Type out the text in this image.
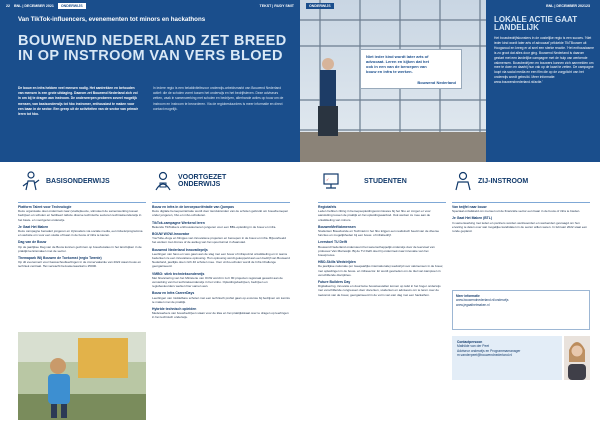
22 BNL | DECEMBER 2021	ONDERWIJS	TEKST | RUDY SMIT
Van TikTok-influencers, evenementen tot minors en hackathons
BOUWEND NEDERLAND ZET BREED IN OP INSTROOM VAN VERS BLOED
De bouw en infra hebben veel mensen nodig. Het aantrekken en behouden van mensen is een grote uitdaging. Daarom zet Bouwend Nederland zich vol in om bij te dragen aan instroom. De onderwerpen proberen zoveel mogelijk mensen, van basisonderwijs tot hbo instromer, enthousiast te maken voor een baan in de sector. Een greep uit de activiteiten van de sector van primair leren tot hbo.
In iedere regio is een belaktiviteitsvoor onderwijs-arbeidsmarkt van Bouwend Nederland actief: die de scholen vormt tussen het onderwijs en het bedrijfsleven. Deze adviseurs zetten, vaak in samenwerking met scholen en bedrijven, allerhande acties op touw om de instroom en instroom te bevorderen. Via de regiobestuurders is meer informatie en direct contact mogelijk.
BASISONDERWIJS
Platform Talent voor Technologie
Deze organisatie doet onderzoek naar (studie)keuze, stimuleert de samenwerking tussen bedrijven en scholen en faciliteert talloze diverse technische sectoren technieksonderwijs in het basis- en voortgezet onderwijs.
Je Gaat Het Maken
Deze campagne benadert jongeren en zijn/ouders via sociale media, een tickets/programma en website om voor een studie of baan in de bouw of infra te kiezen.
Dag van de Bouw
Op de jaarlijkse Dag van de Bouw kunnen gezinnen op bouwlocaties in het land kijken in de praktijk kennismaken met de sector.
Themapark Wij Bouwen de Toekomst (regio Twente)
Op dit evenement voor basisschoolleerlingen in de zomervakantie van 2022 staan bouw en techniek centraal. Het verwacht bezoekersaantal is 25000.
VOORTGEZET ONDERWIJS
Bouw en infra in de beroepsoriëntatie van Qompas
Deze digitale beroepsoriëntatie wordt door tienduizenden van de scholen gebruikt om bouwberoepen onder jongeren, hbo en mbo-scholieren.
TikTok-campagne Werkend leren
Bekende TikTokkers enthousiasmeren jongeren voor een BBL-opleiding in de bouw en infra.
BOUW WOW-Innovator
YouTube-vlogs en filmpjes van innovatieve projecten en beroepen in de bouw en infra. Bijvoorbeeld het werken met drones of de aanleg van het spoortunnel in Zaanstad.
Bouwend Nederland Innovatieprijs
Leerlingen van havo en vwo gaan aan de slag met een bouw of infrapuzzel ontwikkeling en in teams bedenken ze een innovatieve oplossing. Hun oplossing wordt gekoppeld aan een bedrijf van Bouwend Nederland, jaarlijks doen zich 40 scholen mee. Voor vmbo-scholen wordt de Infra Challenge georganiseerd.
VMBO: stiek technieksonderwijs
Met financiering van het Ministerie van OCW wordt in zo'n 80 projecten regionaal gewerkt aan de versterking van het technieksonderwijs in het vmbo. Opleidingsbedrijven, bedrijven en regiobestuurders werken hier samen aan.
Bouw en Infra CareerDays
Leerlingen van middelbare scholen met een technisch profiel gaan op excursie bij bedrijven om kennis te maken met de praktijk.
Hybride technisch opleiden
Medewerkers van bouwbedrijven staan voor de klas en het praktijklokaal over te dragen op leerlingen in het technisch onderwijs.
Niet ieder kind wordt later arts of advocaat. Leren en kijken dat het ook in een van de beroepen van bouw en infra te werken.
Bouwend Nederland
ONDERWIJS	BNL | DECEMBER 2021 23
LOKALE ACTIE GAAT LANDELIJK
Het bouwbedrijfskunsters in de oostelijke regio is een succes. 'Niet ieder kind wordt later arts of advocaat' prikkelde TikTBouwer uit Hoogwoud en kreeg er al snel een sterke reactie. 'Het enthousiasme is zo groot dat alles door ging. Bouwend Nederland is daarom gestart met een landelijke campagne met de hulp van werkende vakmensen. Bouwbedrijven en bouwers kunnen zich aanmelden om mee te doen en daarbij hun vak op de kaart te zetten. De campagne loopt via social media en een film die op de zorgplicht van het onderwijs wordt gebruikt. Meer informatie: www.bouwendnederland.nl/actie.'
✓	STUDENTEN
Regiotafels
Leden hebben zitting in beroepsopleidingscommissies bij het hbo en zorgen er voor aansluiting tussen de praktijk en het opleidingsaanbod. Ook werken ze mee aan de ontwikkeling van minors.
BouwenMetVakmensen
Studenten Bouwkunde en Techniek in het hbo krijgen een realistisch beeld van de diverse functies en mogelijkheden bij een bouw- of infrabedrijf.
Leerstoel TU Delft
Bouwend Nederland ondersteunt het wetenschappelijk onderwijs door de leerstoel van professor Van Marrewijk. Bij de TU Delft doet hij onderzoek naar innovatie van het bouwproces.
HBO-Skills Wedstrijden
De jaarlijkse nationale (en tweejaarlijks internationale) wedstrijd voor vakmensen in de bouw, met opleidingen in de bouw- en infrasector. Er wordt gestreden om de titel van kampioen in verschillende disciplines.
Future Builders Day
Digitalisering, innovatie en duurzame bouwtoestellen komen op tafel in het hoger onderwijs met verschillende congressen door docenten, studenten en adviseurs om te leren over de toekomst van de bouw, georganiseerd in de vorm van één dag met een hackathon.
ZIJ-INSTROOM
Van twijfel naar bouw
Speciaal ontwikkeld om mensen uit de financiële sector een baan in de bouw of infra te bieden.
Je Gaat Het Maken (BTL)
In samenwerking met leden en partners worden werkwoorden en werkenden gevraagd om hun ervaring te delen over wat mogelijke kandidaten in de sector willen weten. In februari 2022 staat een ronde gepland.
Meer informatie
www.bouwendnederland.nl/onderwijs
www.jegaathetmaken.nl
Contactpersoon
Mathilde van der Peet
Adviseur onderwijs en Programmamanager
m.vanderpeet@bouwendnederland.nl
